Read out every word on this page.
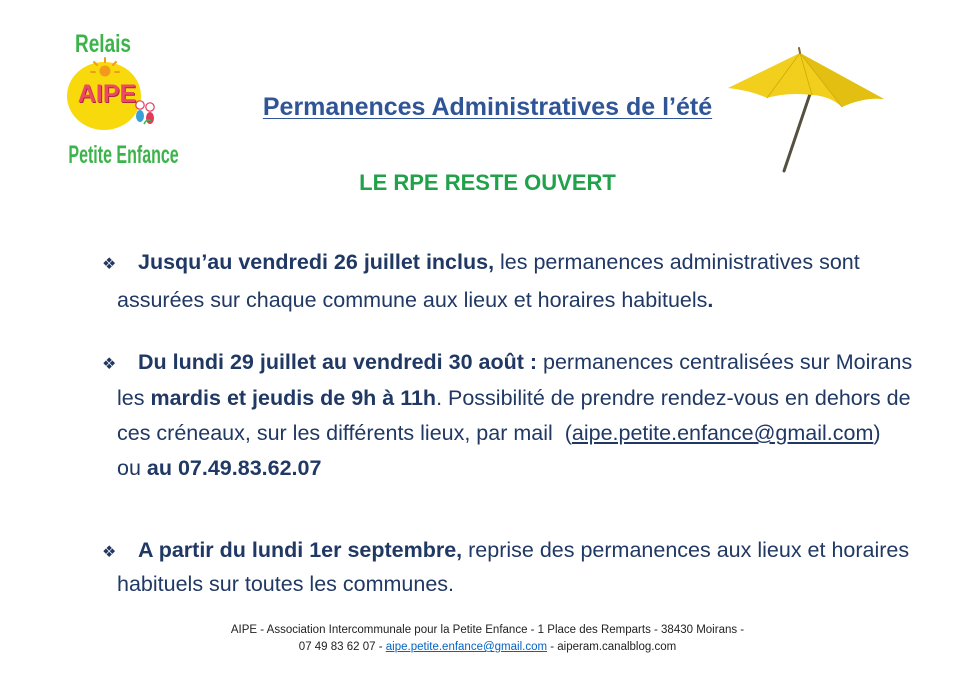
Relais
AIPE
Petite Enfance
Permanences Administratives de l’été
LE RPE RESTE OUVERT
❖ Jusqu’au vendredi 26 juillet inclus, les permanences administratives sont
assurées sur chaque commune aux lieux et horaires habituels.
❖ Du lundi 29 juillet au vendredi 30 août : permanences centralisées sur Moirans
les mardis et jeudis de 9h à 11h. Possibilité de prendre rendez-vous en dehors de
ces créneaux, sur les différents lieux, par mail  (aipe.petite.enfance@gmail.com)
ou au 07.49.83.62.07
❖ A partir du lundi 1er septembre, reprise des permanences aux lieux et horaires
habituels sur toutes les communes.
AIPE - Association Intercommunale pour la Petite Enfance - 1 Place des Remparts - 38430 Moirans -
07 49 83 62 07 - aipe.petite.enfance@gmail.com - aiperam.canalblog.com
